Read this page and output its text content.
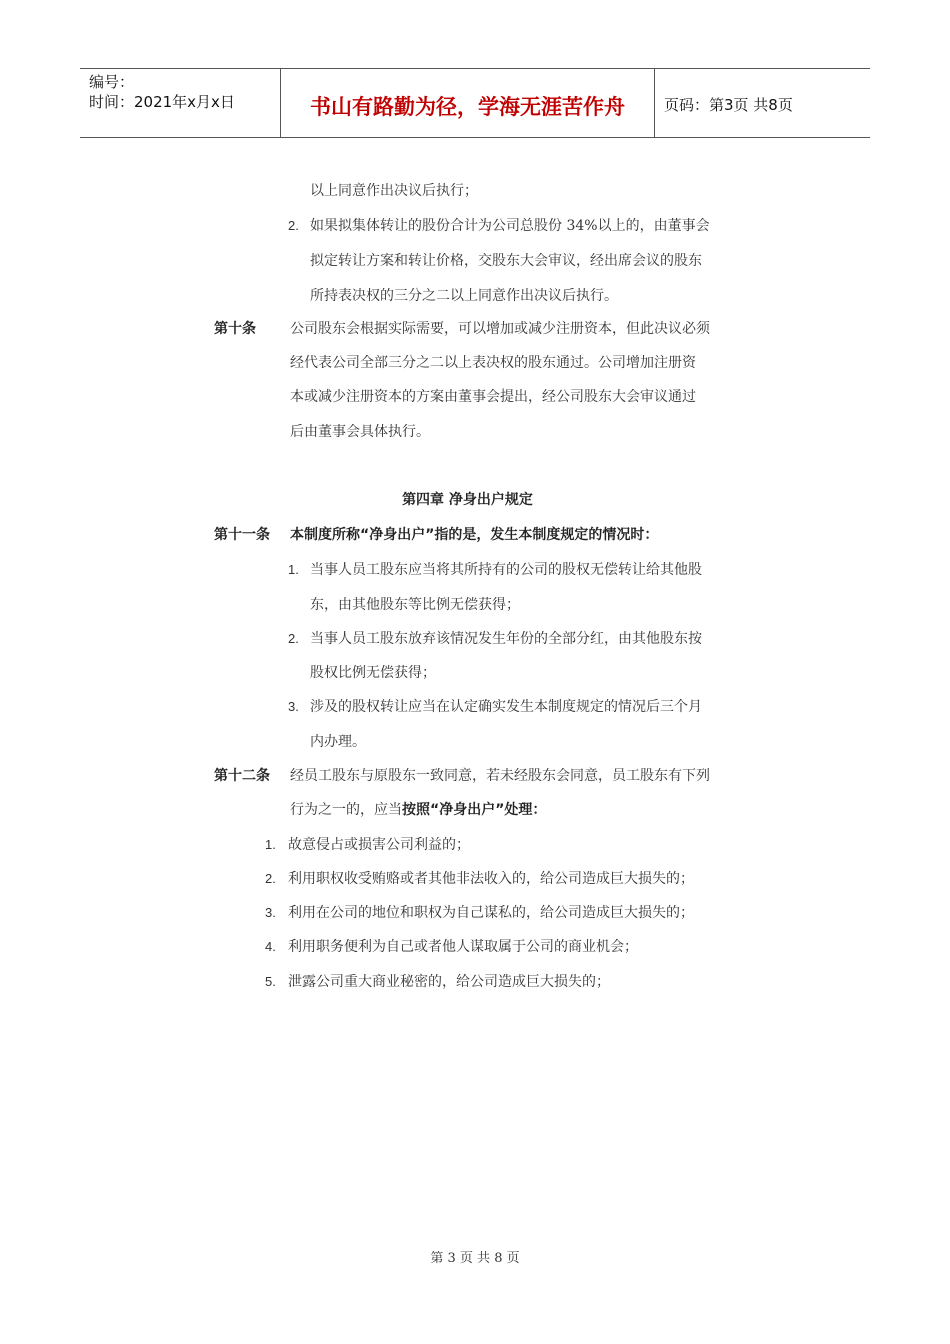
编号：
时间：2021年x月x日	书山有路勤为径，学海无涯苦作舟	页码：第3页 共8页
以上同意作出决议后执行；
2. 如果拟集体转让的股份合计为公司总股份 34%以上的，由董事会
拟定转让方案和转让价格，交股东大会审议，经出席会议的股东
所持表决权的三分之二以上同意作出决议后执行。
第十条 公司股东会根据实际需要，可以增加或减少注册资本，但此决议必须
经代表公司全部三分之二以上表决权的股东通过。公司增加注册资
本或减少注册资本的方案由董事会提出，经公司股东大会审议通过
后由董事会具体执行。
第四章 净身出户规定
第十一条 本制度所称“净身出户”指的是，发生本制度规定的情况时：
1. 当事人员工股东应当将其所持有的公司的股权无偿转让给其他股
东，由其他股东等比例无偿获得；
2. 当事人员工股东放弃该情况发生年份的全部分红，由其他股东按
股权比例无偿获得；
3. 涉及的股权转让应当在认定确实发生本制度规定的情况后三个月
内办理。
第十二条 经员工股东与原股东一致同意，若未经股东会同意，员工股东有下列
行为之一的，应当按照“净身出户”处理：
1. 故意侵占或损害公司利益的；
2. 利用职权收受贿赂或者其他非法收入的，给公司造成巨大损失的；
3. 利用在公司的地位和职权为自己谋私的，给公司造成巨大损失的；
4. 利用职务便利为自己或者他人谋取属于公司的商业机会；
5. 泄露公司重大商业秘密的，给公司造成巨大损失的；
第 3 页 共 8 页
